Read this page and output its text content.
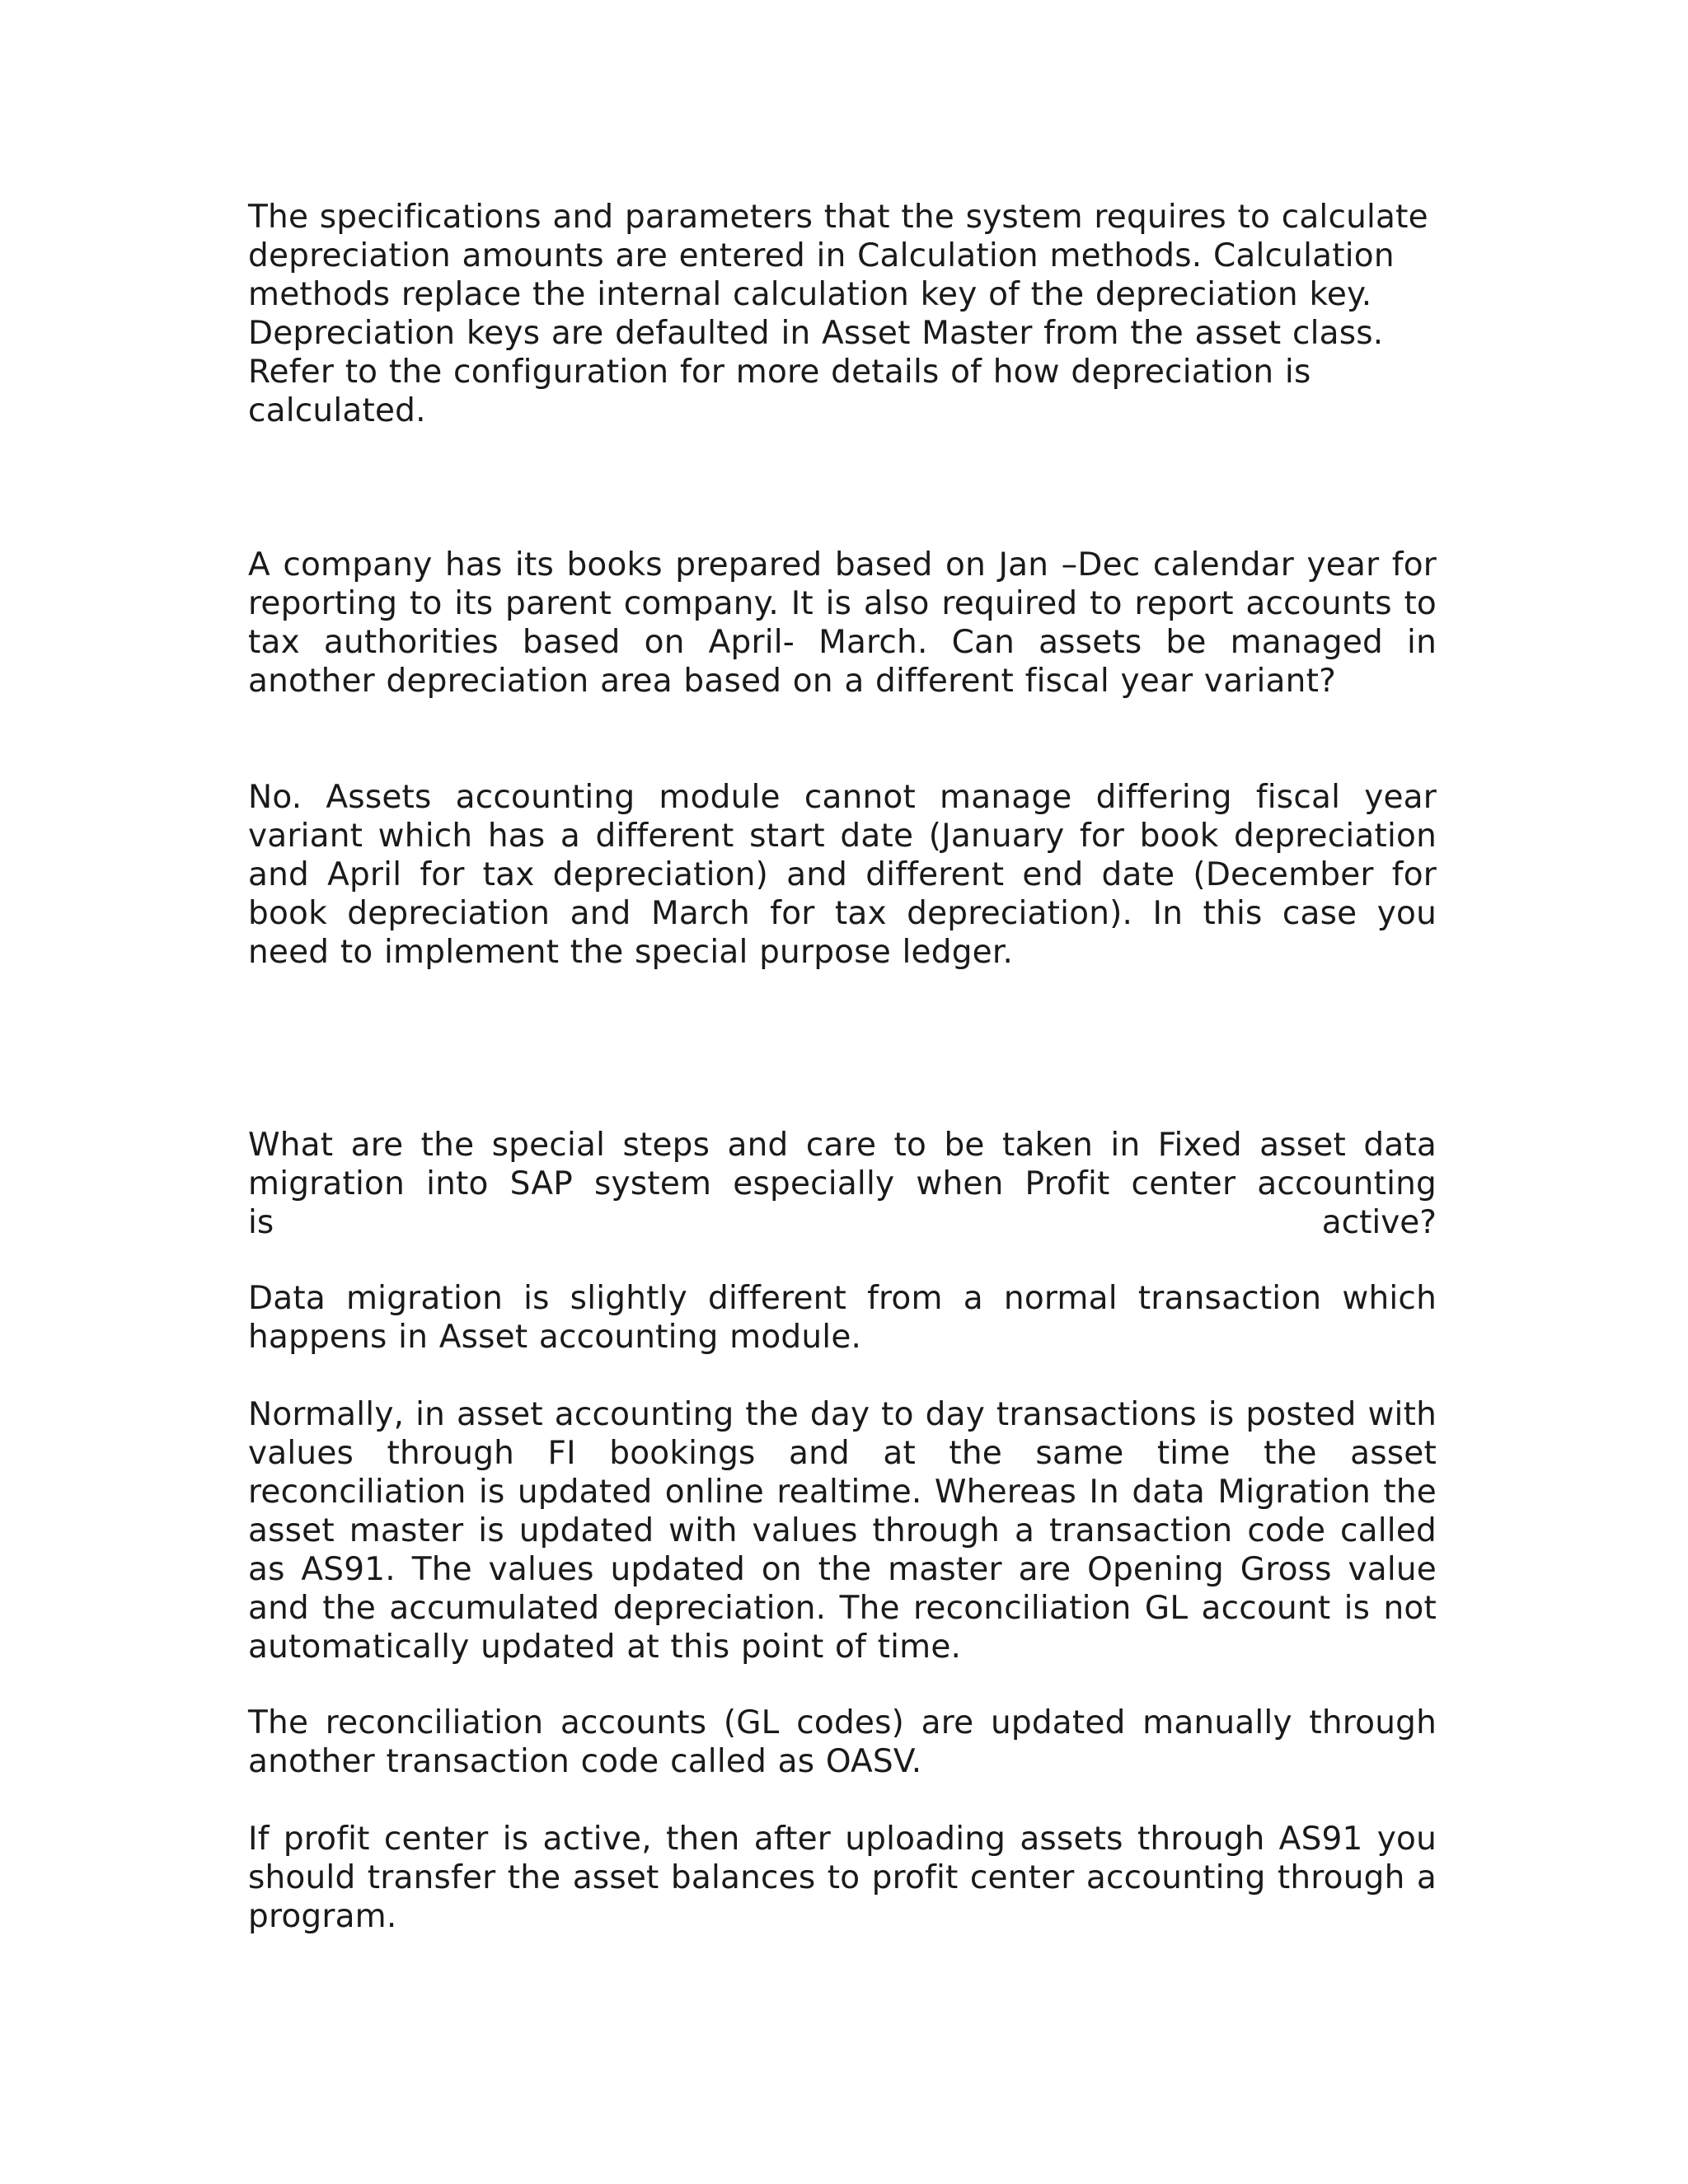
The specifications and parameters that the system requires to calculate depreciation amounts are entered in Calculation methods. Calculation methods replace the internal calculation key of the depreciation key. Depreciation keys are defaulted in Asset Master from the asset class. Refer to the configuration for more details of how depreciation is calculated.

A company has its books prepared based on Jan –Dec calendar year for reporting to its parent company. It is also required to report accounts to tax authorities based on April- March. Can assets be managed in another depreciation area based on a different fiscal year variant?

No. Assets accounting module cannot manage differing fiscal year variant which has a different start date (January for book depreciation and April for tax depreciation) and different end date (December for book depreciation and March for tax depreciation). In this case you need to implement the special purpose ledger.

What are the special steps and care to be taken in Fixed asset data migration into SAP system especially when Profit center accounting

is	active?

Data migration is slightly different from a normal transaction which happens in Asset accounting module.

Normally, in asset accounting the day to day transactions is posted with values through FI bookings and at the same time the asset reconciliation is updated online realtime. Whereas In data Migration the asset master is updated with values through a transaction code called as AS91. The values updated on the master are Opening Gross value and the accumulated depreciation. The reconciliation GL account is not automatically updated at this point of time.

The reconciliation accounts (GL codes) are updated manually through another transaction code called as OASV.

If profit center is active, then after uploading assets through AS91 you should transfer the asset balances to profit center accounting through a program.
